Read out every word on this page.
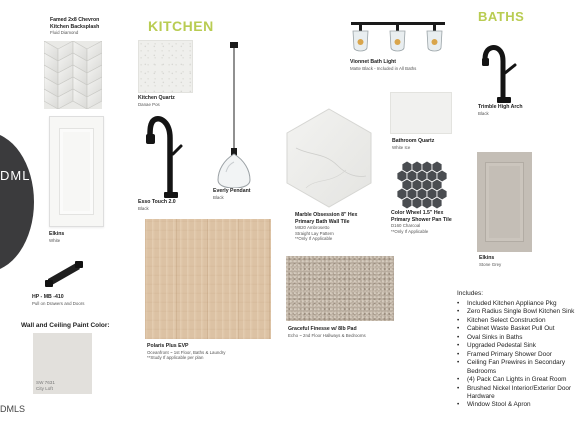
DMLS
KITCHEN
BATHS
Famed 2x8 Chevron Kitchen Backsplash
Fluid Diamond
Kitchen Quartz
Danae Pos
Everly Pendant
Black
Esso Touch 2.0
Black
Elkins
White
HP - MB -410
Pull on Drawers and Doors
Wall and Ceiling Paint Color:
SW 7631
City Loft
DMLS
Vionnet Bath Light
Matte Black - Included in All Baths
Trimble High Arch
Black
Marble Obsession 8" Hex Primary Bath Wall Tile
M820 Ambrosetto
Straight Lay Pattern
**Only If Applicable
Bathroom Quartz
White Ice
Color Wheel 1.5" Hex Primary Shower Pan Tile
D160 Charcoal
**Only If Applicable
Elkins
Stone Grey
Polaris Plus EVP
Oceanfront ~ 1st Floor, Baths & Laundry
**Study If applicable per plan
Graceful Finesse w/ 8lb Pad
Echo ~ 2nd Floor Hallways & Bedrooms
Includes:
• Included Kitchen Appliance Pkg
• Zero Radius Single Bowl Kitchen Sink
• Kitchen Select Construction
• Cabinet Waste Basket Pull Out
• Oval Sinks in Baths
• Upgraded Pedestal Sink
• Framed Primary Shower Door
• Ceiling Fan Prewires in Secondary Bedrooms
• (4) Pack Can Lights in Great Room
• Brushed Nickel Interior/Exterior Door Hardware
• Window Stool & Apron
